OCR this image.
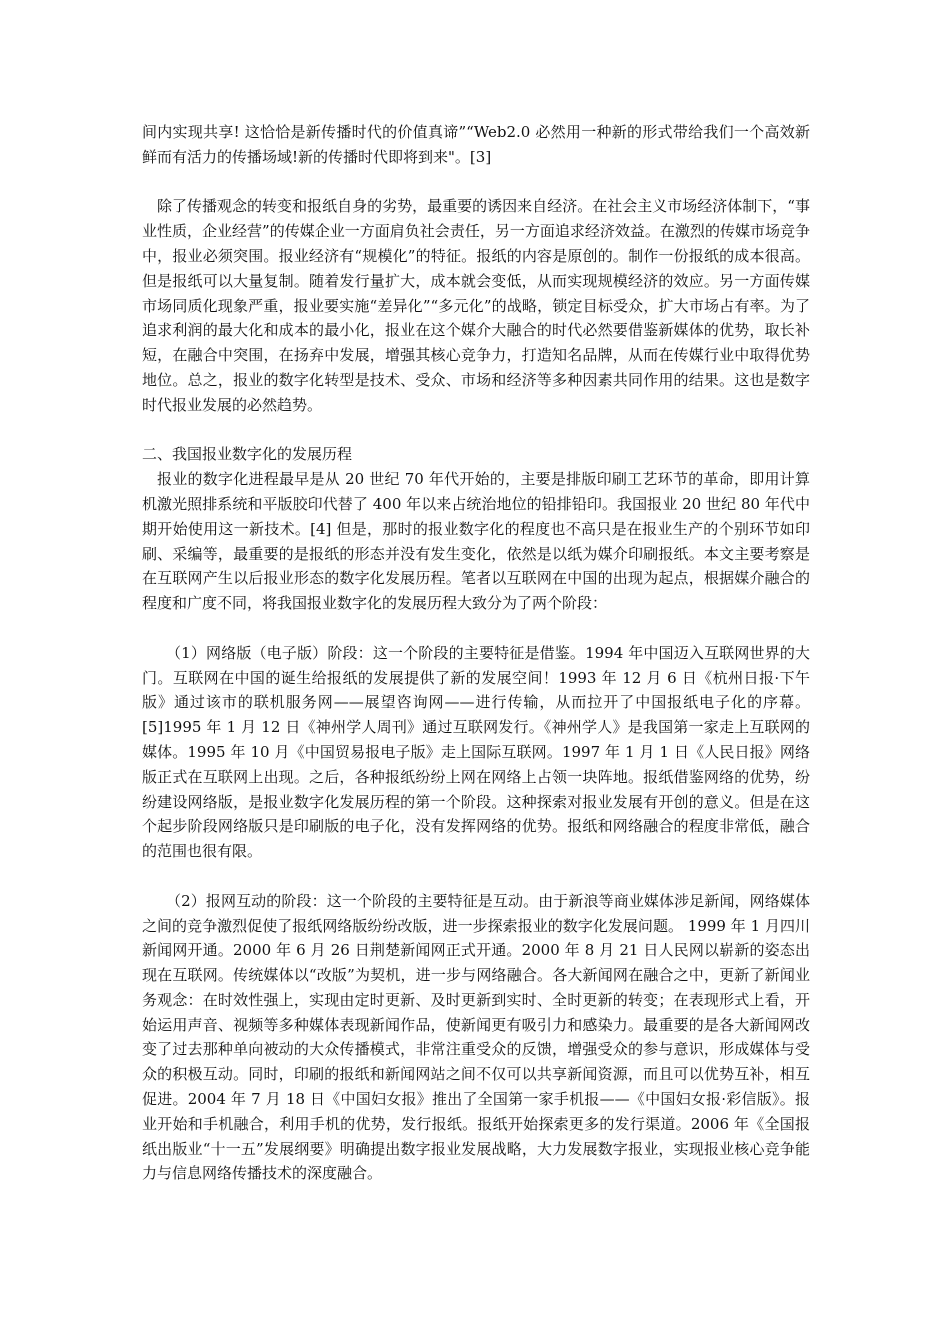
间内实现共享! 这恰恰是新传播时代的价值真谛”“Web2.0 必然用一种新的形式带给我们一个高效新鲜而有活力的传播场域!新的传播时代即将到来"。[3]

除了传播观念的转变和报纸自身的劣势，最重要的诱因来自经济。在社会主义市场经济体制下，“事业性质，企业经营”的传媒企业一方面肩负社会责任，另一方面追求经济效益。在激烈的传媒市场竞争中，报业必须突围。报业经济有“规模化”的特征。报纸的内容是原创的。制作一份报纸的成本很高。但是报纸可以大量复制。随着发行量扩大，成本就会变低，从而实现规模经济的效应。另一方面传媒市场同质化现象严重，报业要实施“差异化”“多元化”的战略，锁定目标受众，扩大市场占有率。为了追求利润的最大化和成本的最小化，报业在这个媒介大融合的时代必然要借鉴新媒体的优势，取长补短，在融合中突围，在扬弃中发展，增强其核心竞争力，打造知名品牌，从而在传媒行业中取得优势地位。总之，报业的数字化转型是技术、受众、市场和经济等多种因素共同作用的结果。这也是数字时代报业发展的必然趋势。

二、我国报业数字化的发展历程

报业的数字化进程最早是从 20 世纪 70 年代开始的，主要是排版印刷工艺环节的革命，即用计算机激光照排系统和平版胶印代替了 400 年以来占统治地位的铅排铅印。我国报业 20 世纪 80 年代中期开始使用这一新技术。[4] 但是，那时的报业数字化的程度也不高只是在报业生产的个别环节如印刷、采编等，最重要的是报纸的形态并没有发生变化，依然是以纸为媒介印刷报纸。本文主要考察是在互联网产生以后报业形态的数字化发展历程。笔者以互联网在中国的出现为起点，根据媒介融合的程度和广度不同，将我国报业数字化的发展历程大致分为了两个阶段：

（1）网络版（电子版）阶段：这一个阶段的主要特征是借鉴。1994 年中国迈入互联网世界的大门。互联网在中国的诞生给报纸的发展提供了新的发展空间！1993 年 12 月 6 日《杭州日报·下午版》通过该市的联机服务网——展望咨询网——进行传输，从而拉开了中国报纸电子化的序幕。[5]1995 年 1 月 12 日《神州学人周刊》通过互联网发行。《神州学人》是我国第一家走上互联网的媒体。1995 年 10 月《中国贸易报电子版》走上国际互联网。1997 年 1 月 1 日《人民日报》网络版正式在互联网上出现。之后，各种报纸纷纷上网在网络上占领一块阵地。报纸借鉴网络的优势，纷纷建设网络版，是报业数字化发展历程的第一个阶段。这种探索对报业发展有开创的意义。但是在这个起步阶段网络版只是印刷版的电子化，没有发挥网络的优势。报纸和网络融合的程度非常低，融合的范围也很有限。

（2）报网互动的阶段：这一个阶段的主要特征是互动。由于新浪等商业媒体涉足新闻，网络媒体之间的竞争激烈促使了报纸网络版纷纷改版，进一步探索报业的数字化发展问题。 1999 年 1 月四川新闻网开通。2000 年 6 月 26 日荆楚新闻网正式开通。2000 年 8 月 21 日人民网以崭新的姿态出现在互联网。传统媒体以“改版”为契机，进一步与网络融合。各大新闻网在融合之中，更新了新闻业务观念：在时效性强上，实现由定时更新、及时更新到实时、全时更新的转变；在表现形式上看，开始运用声音、视频等多种媒体表现新闻作品，使新闻更有吸引力和感染力。最重要的是各大新闻网改变了过去那种单向被动的大众传播模式，非常注重受众的反馈，增强受众的参与意识，形成媒体与受众的积极互动。同时，印刷的报纸和新闻网站之间不仅可以共享新闻资源，而且可以优势互补，相互促进。2004 年 7 月 18 日《中国妇女报》推出了全国第一家手机报——《中国妇女报·彩信版》。报业开始和手机融合，利用手机的优势，发行报纸。报纸开始探索更多的发行渠道。2006 年《全国报纸出版业“十一五”发展纲要》明确提出数字报业发展战略，大力发展数字报业，实现报业核心竞争能力与信息网络传播技术的深度融合。
